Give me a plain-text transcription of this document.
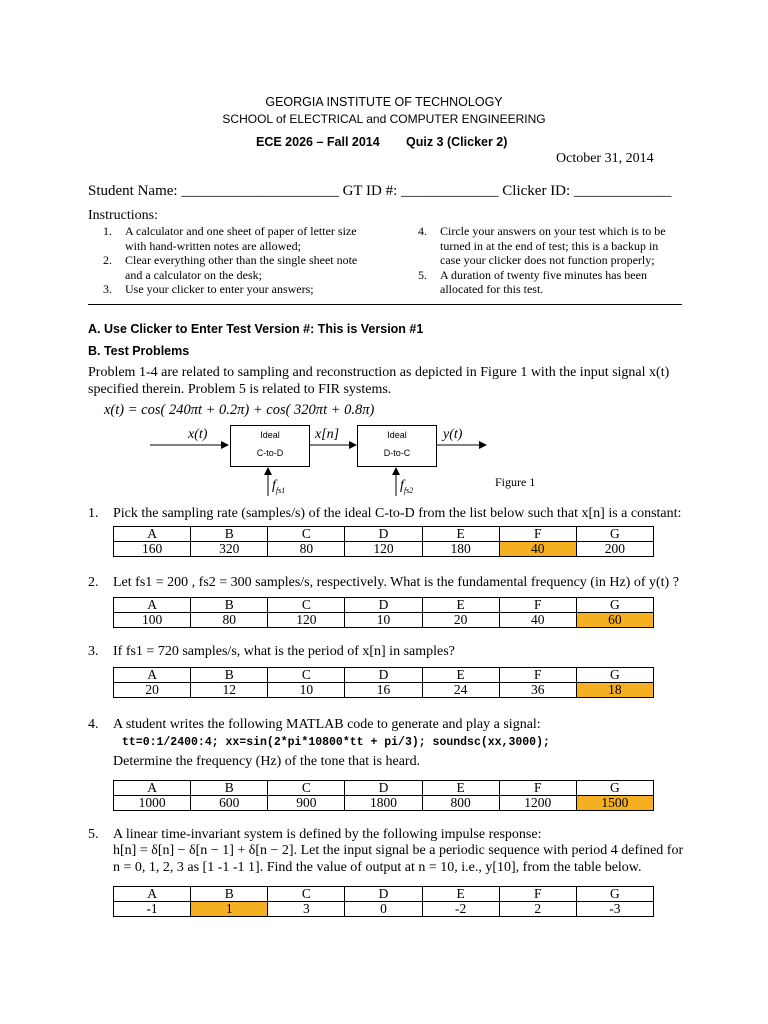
GEORGIA INSTITUTE OF TECHNOLOGY
SCHOOL of ELECTRICAL and COMPUTER ENGINEERING
ECE 2026 – Fall 2014 Quiz 3 (Clicker 2)
October 31, 2014
Student Name: _____________________ GT ID #: _____________ Clicker ID: _____________
Instructions:
1. A calculator and one sheet of paper of letter size with hand-written notes are allowed;
2. Clear everything other than the single sheet note and a calculator on the desk;
3. Use your clicker to enter your answers;
4. Circle your answers on your test which is to be turned in at the end of test; this is a backup in case your clicker does not function properly;
5. A duration of twenty five minutes has been allocated for this test.
A. Use Clicker to Enter Test Version #: This is Version #1
B. Test Problems
Problem 1-4 are related to sampling and reconstruction as depicted in Figure 1 with the input signal x(t) specified therein. Problem 5 is related to FIR systems.
x(t) = cos( 240πt + 0.2π) + cos( 320πt + 0.8π)
Ideal
C-to-D
Ideal
D-to-C
x(t)	x[n]	y(t)
$f_{fs1}$	$f_{fs2}$
Figure 1
1. Pick the sampling rate (samples/s) of the ideal C-to-D from the list below such that x[n] is a constant:
A	B	C	D	E	F	G
160	320	80	120	180	40	200
2. Let fs1 = 200 , fs2 = 300 samples/s, respectively. What is the fundamental frequency (in Hz) of y(t) ?
A	B	C	D	E	F	G
100	80	120	10	20	40	60
3. If fs1 = 720 samples/s, what is the period of x[n] in samples?
A	B	C	D	E	F	G
20	12	10	16	24	36	18
4. A student writes the following MATLAB code to generate and play a signal:
tt=0:1/2400:4; xx=sin(2*pi*10800*tt + pi/3); soundsc(xx,3000);
Determine the frequency (Hz) of the tone that is heard.
A	B	C	D	E	F	G
1000	600	900	1800	800	1200	1500
5. A linear time-invariant system is defined by the following impulse response:
h[n] = δ[n] − δ[n − 1] + δ[n − 2]. Let the input signal be a periodic sequence with period 4 defined for n = 0, 1, 2, 3 as [1 -1 -1 1]. Find the value of output at n = 10, i.e., y[10], from the table below.
A	B	C	D	E	F	G
-1	1	3	0	-2	2	-3
